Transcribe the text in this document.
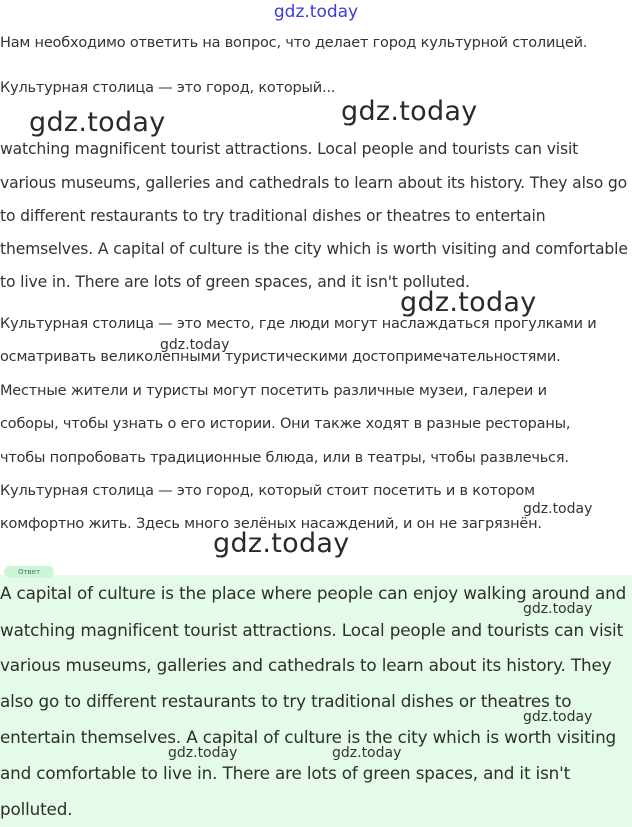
gdz.today
Нам необходимо ответить на вопрос, что делает город культурной столицей.
Культурная столица — это город, который...
watching magnificent tourist attractions. Local people and tourists can visit
various museums, galleries and cathedrals to learn about its history. They also go
to different restaurants to try traditional dishes or theatres to entertain
themselves. A capital of culture is the city which is worth visiting and comfortable
to live in. There are lots of green spaces, and it isn't polluted.
Культурная столица — это место, где люди могут наслаждаться прогулками и
осматривать великолепными туристическими достопримечательностями.
Местные жители и туристы могут посетить различные музеи, галереи и
соборы, чтобы узнать о его истории. Они также ходят в разные рестораны,
чтобы попробовать традиционные блюда, или в театры, чтобы развлечься.
Культурная столица — это город, который стоит посетить и в котором
комфортно жить. Здесь много зелёных насаждений, и он не загрязнён.
Ответ
A capital of culture is the place where people can enjoy walking around and
watching magnificent tourist attractions. Local people and tourists can visit
various museums, galleries and cathedrals to learn about its history. They
also go to different restaurants to try traditional dishes or theatres to
entertain themselves. A capital of culture is the city which is worth visiting
and comfortable to live in. There are lots of green spaces, and it isn't
polluted.
gdz.today	gdz.today
gdz.today
gdz.today
gdz.today
gdz.today
gdz.today
gdz.today
gdz.today	gdz.today
